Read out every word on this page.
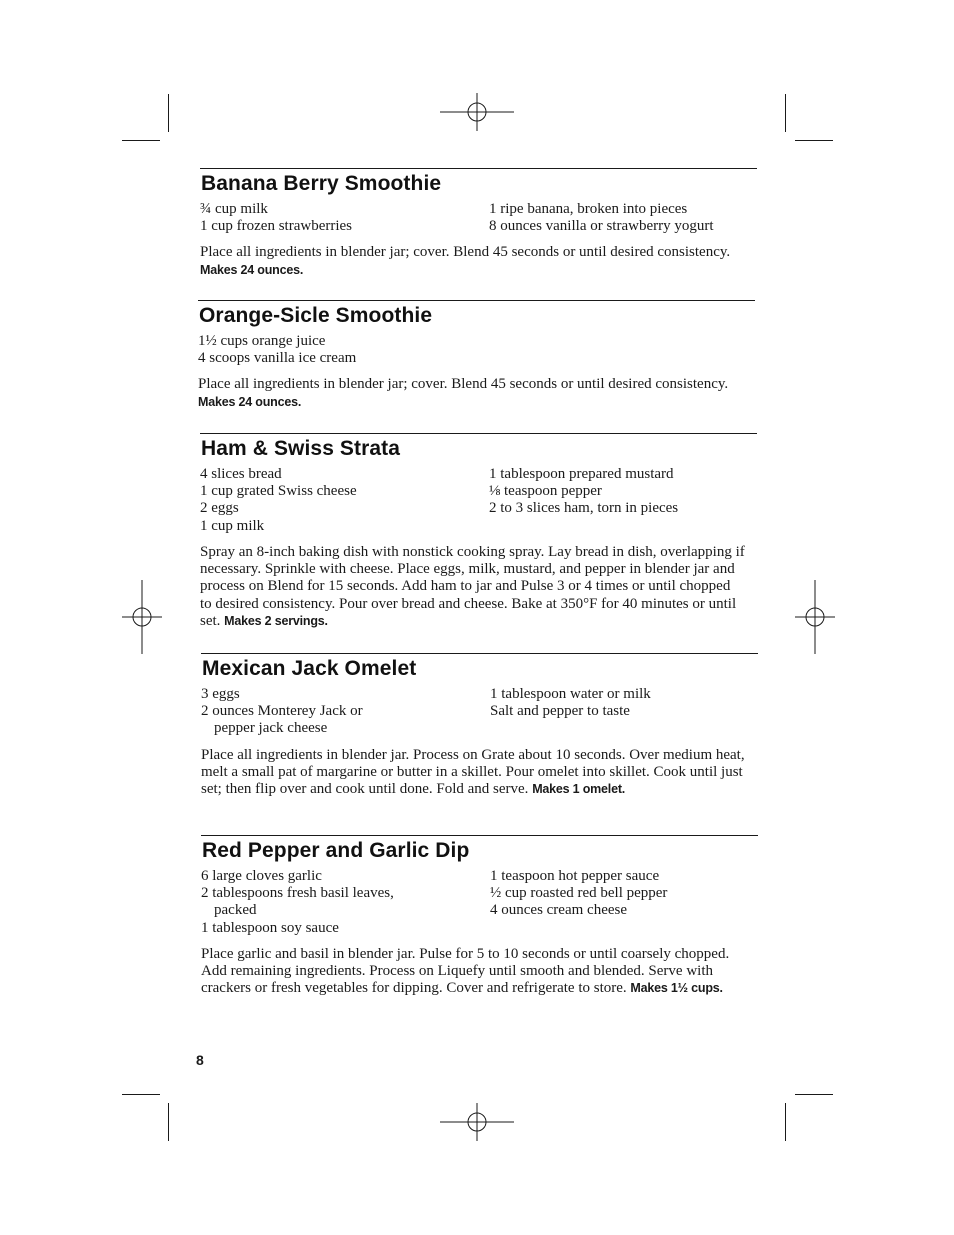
Banana Berry Smoothie
¾ cup milk
1 cup frozen strawberries
1 ripe banana, broken into pieces
8 ounces vanilla or strawberry yogurt

Place all ingredients in blender jar; cover. Blend 45 seconds or until desired consistency. Makes 24 ounces.

Orange-Sicle Smoothie
1½ cups orange juice
4 scoops vanilla ice cream

Place all ingredients in blender jar; cover. Blend 45 seconds or until desired consistency. Makes 24 ounces.

Ham & Swiss Strata
4 slices bread
1 cup grated Swiss cheese
2 eggs
1 cup milk
1 tablespoon prepared mustard
⅛ teaspoon pepper
2 to 3 slices ham, torn in pieces

Spray an 8-inch baking dish with nonstick cooking spray. Lay bread in dish, overlapping if necessary. Sprinkle with cheese. Place eggs, milk, mustard, and pepper in blender jar and process on Blend for 15 seconds. Add ham to jar and Pulse 3 or 4 times or until chopped to desired consistency. Pour over bread and cheese. Bake at 350°F for 40 minutes or until set. Makes 2 servings.

Mexican Jack Omelet
3 eggs
2 ounces Monterey Jack or
pepper jack cheese
1 tablespoon water or milk
Salt and pepper to taste

Place all ingredients in blender jar. Process on Grate about 10 seconds. Over medium heat, melt a small pat of margarine or butter in a skillet. Pour omelet into skillet. Cook until just set; then flip over and cook until done. Fold and serve. Makes 1 omelet.

Red Pepper and Garlic Dip
6 large cloves garlic
2 tablespoons fresh basil leaves,
packed
1 tablespoon soy sauce
1 teaspoon hot pepper sauce
½ cup roasted red bell pepper
4 ounces cream cheese

Place garlic and basil in blender jar. Pulse for 5 to 10 seconds or until coarsely chopped. Add remaining ingredients. Process on Liquefy until smooth and blended. Serve with crackers or fresh vegetables for dipping. Cover and refrigerate to store. Makes 1½ cups.

8
